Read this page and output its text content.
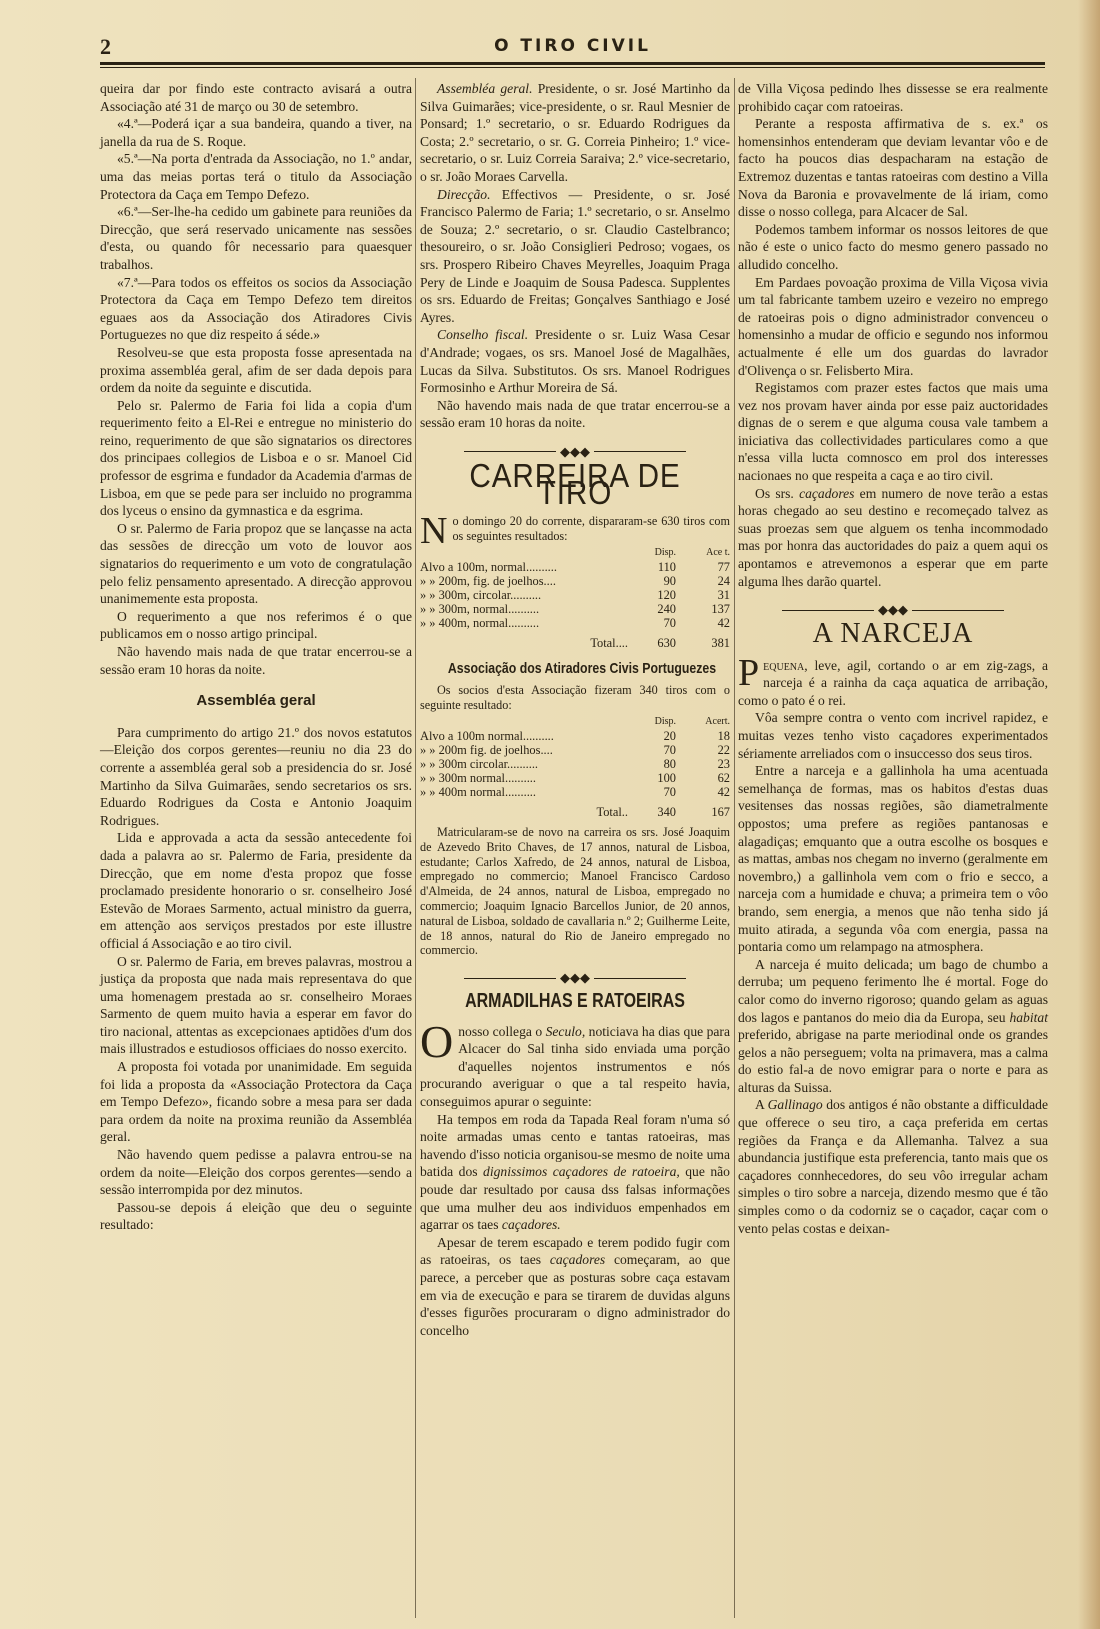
2	O TIRO CIVIL

queira dar por findo este contracto avisará a outra Associação até 31 de março ou 30 de setembro.

«4.ª—Poderá içar a sua bandeira, quando a tiver, na janella da rua de S. Roque.

«5.ª—Na porta d'entrada da Associação, no 1.º andar, uma das meias portas terá o titulo da Associação Protectora da Caça em Tempo Defezo.

«6.ª—Ser-lhe-ha cedido um gabinete para reuniões da Direcção, que será reservado unicamente nas sessões d'esta, ou quando fôr necessario para quaesquer trabalhos.

«7.ª—Para todos os effeitos os socios da Associação Protectora da Caça em Tempo Defezo tem direitos eguaes aos da Associação dos Atiradores Civis Portuguezes no que diz respeito á séde.»

Resolveu-se que esta proposta fosse apresentada na proxima assembléa geral, afim de ser dada depois para ordem da noite da seguinte e discutida.

Pelo sr. Palermo de Faria foi lida a copia d'um requerimento feito a El-Rei e entregue no ministerio do reino, requerimento de que são signatarios os directores dos principaes collegios de Lisboa e o sr. Manoel Cid professor de esgrima e fundador da Academia d'armas de Lisboa, em que se pede para ser incluido no programma dos lyceus o ensino da gymnastica e da esgrima.

O sr. Palermo de Faria propoz que se lançasse na acta das sessões de direcção um voto de louvor aos signatarios do requerimento e um voto de congratulação pelo feliz pensamento apresentado. A direcção approvou unanimemente esta proposta.

O requerimento a que nos referimos é o que publicamos em o nosso artigo principal.

Não havendo mais nada de que tratar encerrou-se a sessão eram 10 horas da noite.

Assembléa geral

Para cumprimento do artigo 21.º dos novos estatutos—Eleição dos corpos gerentes—reuniu no dia 23 do corrente a assembléa geral sob a presidencia do sr. José Martinho da Silva Guimarães, sendo secretarios os srs. Eduardo Rodrigues da Costa e Antonio Joaquim Rodrigues.

Lida e approvada a acta da sessão antecedente foi dada a palavra ao sr. Palermo de Faria, presidente da Direcção, que em nome d'esta propoz que fosse proclamado presidente honorario o sr. conselheiro José Estevão de Moraes Sarmento, actual ministro da guerra, em attenção aos serviços prestados por este illustre official á Associação e ao tiro civil.

O sr. Palermo de Faria, em breves palavras, mostrou a justiça da proposta que nada mais representava do que uma homenagem prestada ao sr. conselheiro Moraes Sarmento de quem muito havia a esperar em favor do tiro nacional, attentas as excepcionaes aptidões d'um dos mais illustrados e estudiosos officiaes do nosso exercito.

A proposta foi votada por unanimidade. Em seguida foi lida a proposta da «Associação Protectora da Caça em Tempo Defezo», ficando sobre a mesa para ser dada para ordem da noite na proxima reunião da Assembléa geral.

Não havendo quem pedisse a palavra entrou-se na ordem da noite—Eleição dos corpos gerentes—sendo a sessão interrompida por dez minutos.

Passou-se depois á eleição que deu o seguinte resultado:

Assembléa geral. Presidente, o sr. José Martinho da Silva Guimarães; vice-presidente, o sr. Raul Mesnier de Ponsard; 1.º secretario, o sr. Eduardo Rodrigues da Costa; 2.º secretario, o sr. G. Correia Pinheiro; 1.º vice-secretario, o sr. Luiz Correia Saraiva; 2.º vice-secretario, o sr. João Moraes Carvella.

Direcção. Effectivos — Presidente, o sr. José Francisco Palermo de Faria; 1.º secretario, o sr. Anselmo de Souza; 2.º secretario, o sr. Claudio Castelbranco; thesoureiro, o sr. João Consiglieri Pedroso; vogaes, os srs. Prospero Ribeiro Chaves Meyrelles, Joaquim Praga Pery de Linde e Joaquim de Sousa Padesca. Supplentes os srs. Eduardo de Freitas; Gonçalves Santhiago e José Ayres.

Conselho fiscal. Presidente o sr. Luiz Wasa Cesar d'Andrade; vogaes, os srs. Manoel José de Magalhães, Lucas da Silva. Substitutos. Os srs. Manoel Rodrigues Formosinho e Arthur Moreira de Sá.

Não havendo mais nada de que tratar encerrou-se a sessão eram 10 horas da noite.

◆◆◆
CARREIRA DE TIRO
No domingo 20 do corrente, dispararam-se 630 tiros com os seguintes resultados:
	Disp.	Ace t.
Alvo a 100m, normal..........	110	77
» » 200m, fig. de joelhos....	90	24
» » 300m, circolar..........	120	31
» » 300m, normal..........	240	137
» » 400m, normal..........	70	42
Total....	630	381
Associação dos Atiradores Civis Portuguezes

Os socios d'esta Associação fizeram 340 tiros com o seguinte resultado:

	Disp.	Acert.
Alvo a 100m normal..........	20	18
» » 200m fig. de joelhos....	70	22
» » 300m circolar..........	80	23
» » 300m normal..........	100	62
» » 400m normal..........	70	42
Total..	340	167

Matricularam-se de novo na carreira os srs. José Joaquim de Azevedo Brito Chaves, de 17 annos, natural de Lisboa, estudante; Carlos Xafredo, de 24 annos, natural de Lisboa, empregado no commercio; Manoel Francisco Cardoso d'Almeida, de 24 annos, natural de Lisboa, empregado no commercio; Joaquim Ignacio Barcellos Junior, de 20 annos, natural de Lisboa, soldado de cavallaria n.º 2; Guilherme Leite, de 18 annos, natural do Rio de Janeiro empregado no commercio.

◆◆◆
ARMADILHAS E RATOEIRAS

O nosso collega o Seculo, noticiava ha dias que para Alcacer do Sal tinha sido enviada uma porção d'aquelles nojentos instrumentos e nós procurando averiguar o que a tal respeito havia, conseguimos apurar o seguinte:

Ha tempos em roda da Tapada Real foram n'uma só noite armadas umas cento e tantas ratoeiras, mas havendo d'isso noticia organisou-se mesmo de noite uma batida dos dignissimos caçadores de ratoeira, que não poude dar resultado por causa dss falsas informações que uma mulher deu aos individuos empenhados em agarrar os taes caçadores.

Apesar de terem escapado e terem podido fugir com as ratoeiras, os taes caçadores começaram, ao que parece, a perceber que as posturas sobre caça estavam em via de execução e para se tirarem de duvidas alguns d'esses figurões procuraram o digno administrador do concelho

de Villa Viçosa pedindo lhes dissesse se era realmente prohibido caçar com ratoeiras.

Perante a resposta affirmativa de s. ex.ª os homensinhos entenderam que deviam levantar vôo e de facto ha poucos dias despacharam na estação de Extremoz duzentas e tantas ratoeiras com destino a Villa Nova da Baronia e provavelmente de lá iriam, como disse o nosso collega, para Alcacer de Sal.

Podemos tambem informar os nossos leitores de que não é este o unico facto do mesmo genero passado no alludido concelho.

Em Pardaes povoação proxima de Villa Viçosa vivia um tal fabricante tambem uzeiro e vezeiro no emprego de ratoeiras pois o digno administrador convenceu o homensinho a mudar de officio e segundo nos informou actualmente é elle um dos guardas do lavrador d'Olivença o sr. Felisberto Mira.

Registamos com prazer estes factos que mais uma vez nos provam haver ainda por esse paiz auctoridades dignas de o serem e que alguma cousa vale tambem a iniciativa das collectividades particulares como a que n'essa villa lucta comnosco em prol dos interesses nacionaes no que respeita a caça e ao tiro civil.

Os srs. caçadores em numero de nove terão a estas horas chegado ao seu destino e recomeçado talvez as suas proezas sem que alguem os tenha incommodado mas por honra das auctoridades do paiz a quem aqui os apontamos e atrevemonos a esperar que em parte alguma lhes darão quartel.

◆◆◆
A NARCEJA

Pequena, leve, agil, cortando o ar em zig-zags, a narceja é a rainha da caça aquatica de arribação, como o pato é o rei.

Vôa sempre contra o vento com incrivel rapidez, e muitas vezes tenho visto caçadores experimentados sériamente arreliados com o insuccesso dos seus tiros.

Entre a narceja e a gallinhola ha uma acentuada semelhança de formas, mas os habitos d'estas duas vesitenses das nossas regiões, são diametralmente oppostos; uma prefere as regiões pantanosas e alagadiças; emquanto que a outra escolhe os bosques e as mattas, ambas nos chegam no inverno (geralmente em novembro,) a gallinhola vem com o frio e secco, a narceja com a humidade e chuva; a primeira tem o vôo brando, sem energia, a menos que não tenha sido já muito atirada, a segunda vôa com energia, passa na pontaria como um relampago na atmosphera.

A narceja é muito delicada; um bago de chumbo a derruba; um pequeno ferimento lhe é mortal. Foge do calor como do inverno rigoroso; quando gelam as aguas dos lagos e pantanos do meio dia da Europa, seu habitat preferido, abrigase na parte meriodinal onde os grandes gelos a não perseguem; volta na primavera, mas a calma do estio fal-a de novo emigrar para o norte e para as alturas da Suissa.

A Gallinago dos antigos é não obstante a difficuldade que offerece o seu tiro, a caça preferida em certas regiões da França e da Allemanha. Talvez a sua abundancia justifique esta preferencia, tanto mais que os caçadores connhecedores, do seu vôo irregular acham simples o tiro sobre a narceja, dizendo mesmo que é tão simples como o da codorniz se o caçador, caçar com o vento pelas costas e deixan-
